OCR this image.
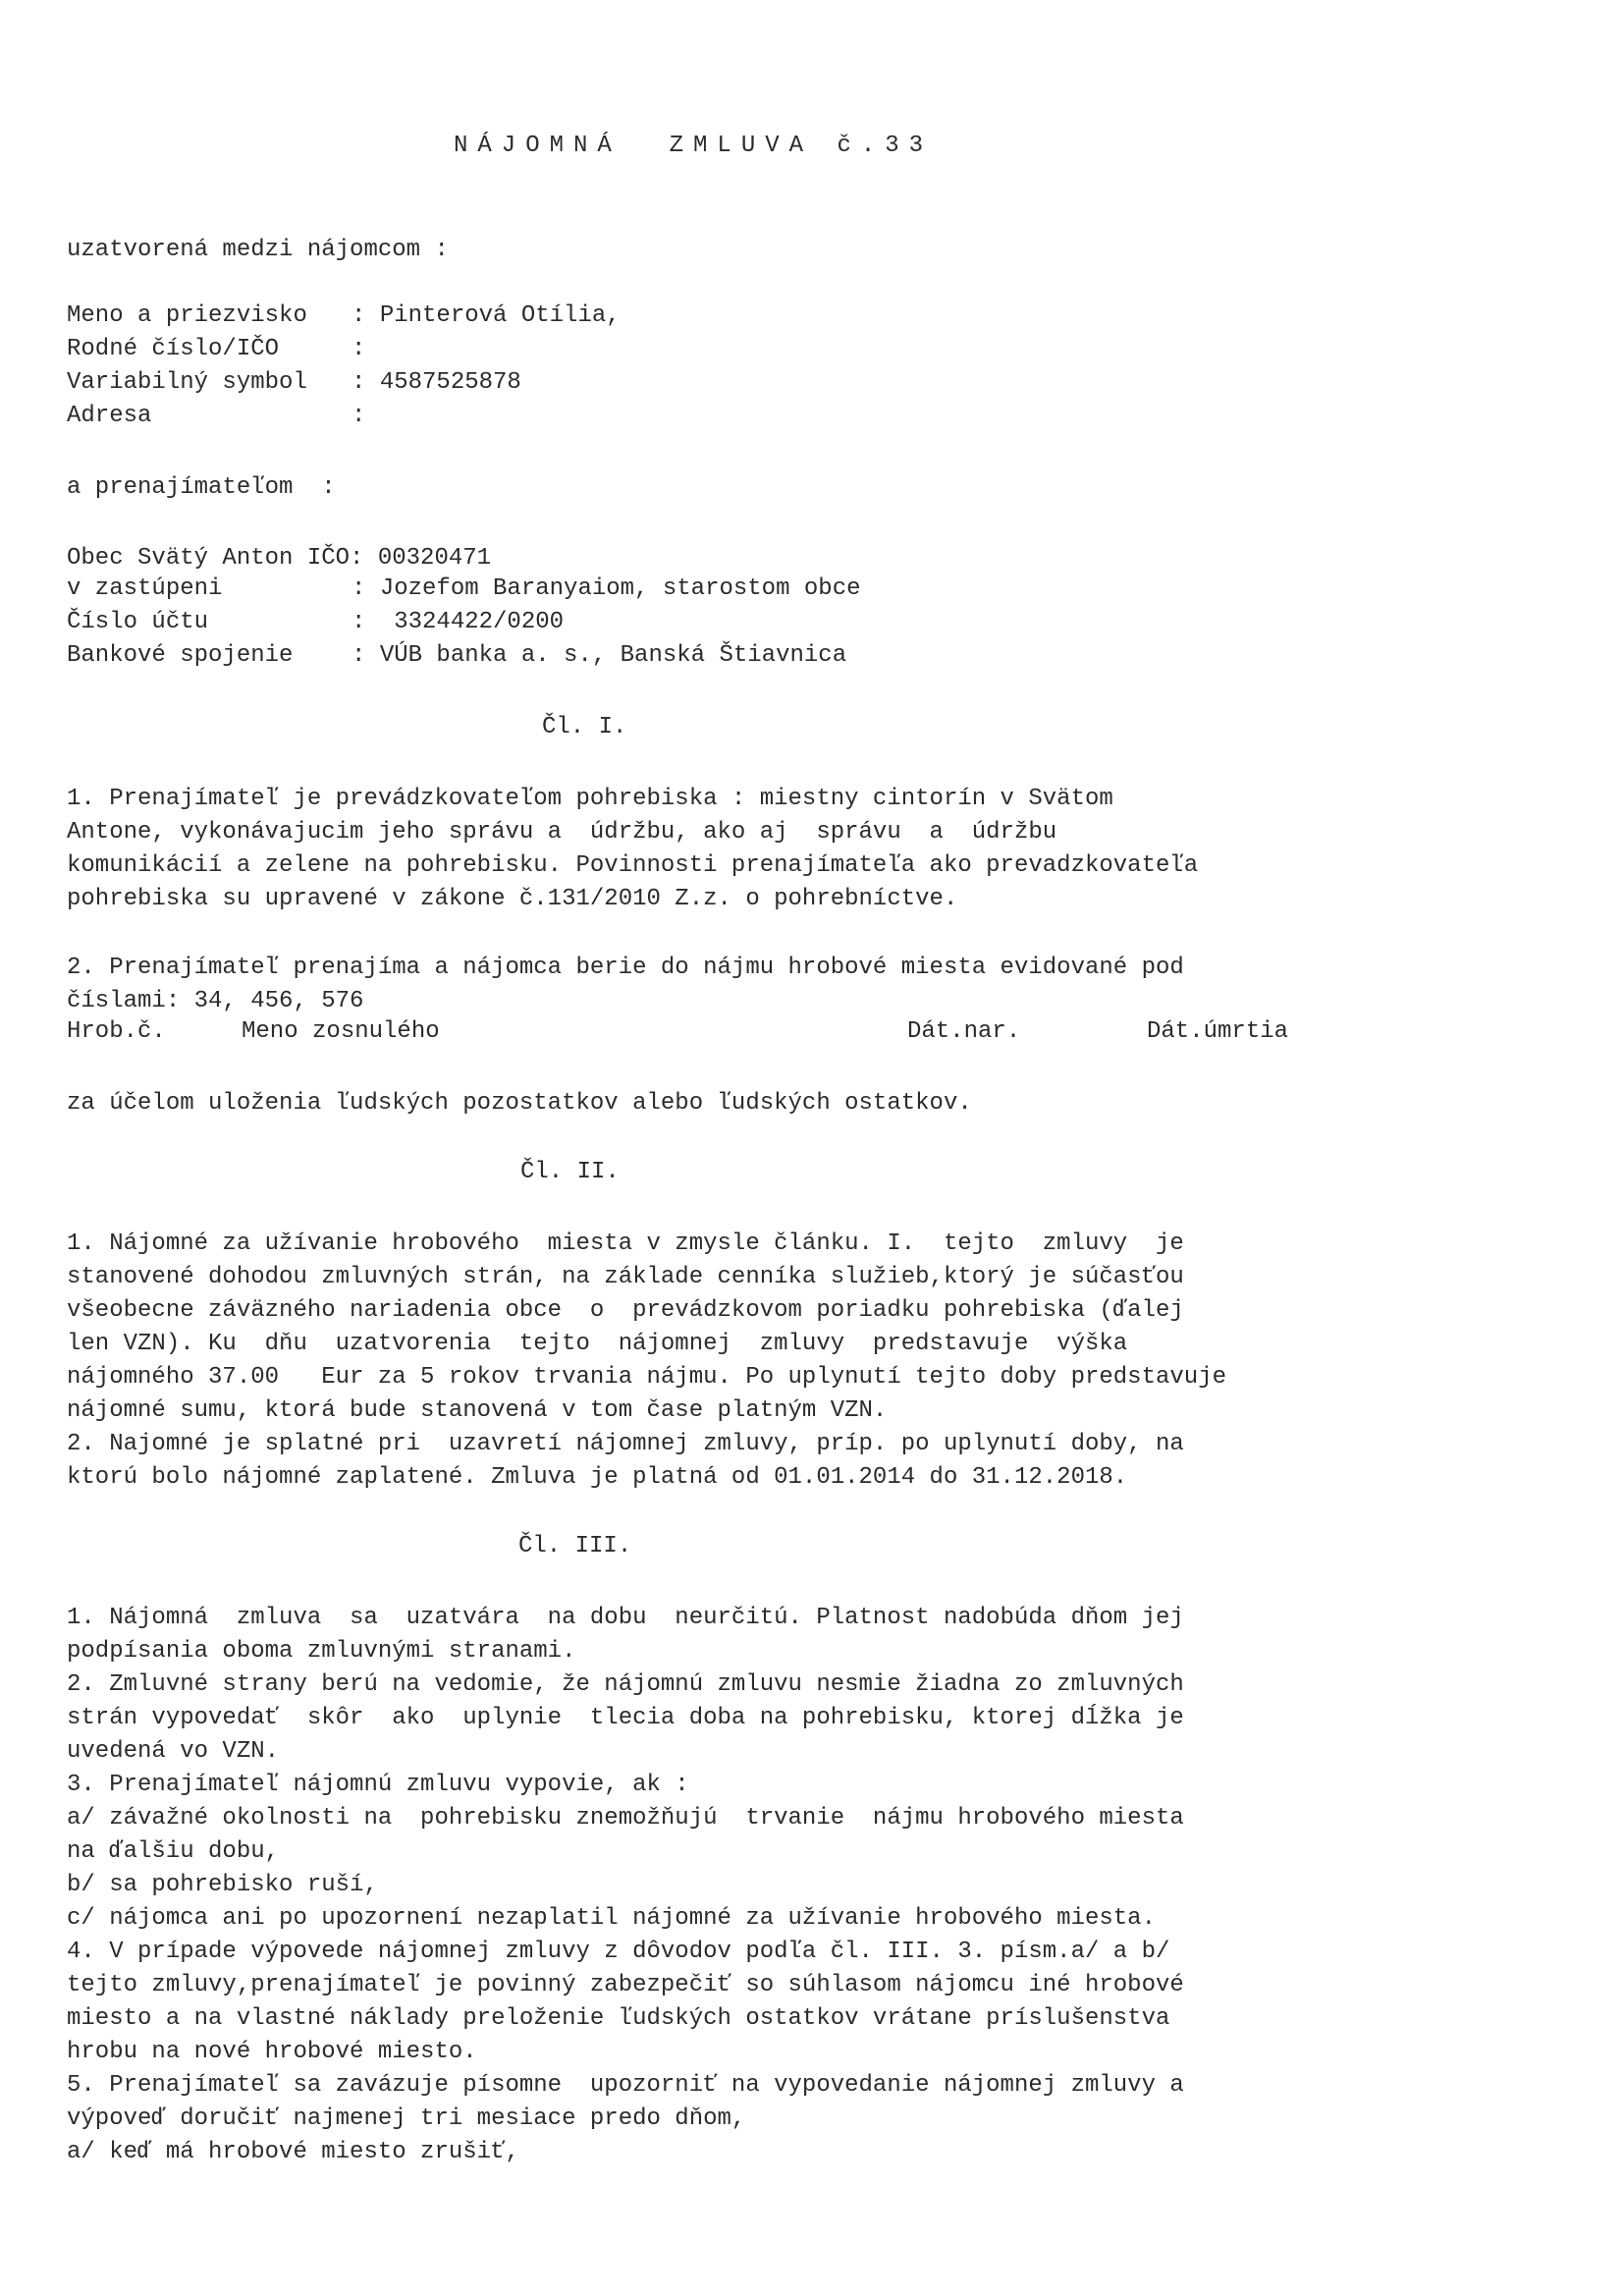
NÁJOMNÁ  ZMLUVA č.33
uzatvorená medzi nájomcom :
Meno a priezvisko : Pinterová Otília,
Rodné číslo/IČO	:
Variabilný symbol : 4587525878
Adresa	:
a prenajímateľom  :
Obec Svätý Anton IČO: 00320471
v zastúpeni	: Jozefom Baranyaiom, starostom obce
Číslo účtu	:  3324422/0200
Bankové spojenie : VÚB banka a. s., Banská Štiavnica
Čl. I.
1. Prenajímateľ je prevádzkovateľom pohrebiska : miestny cintorín v Svätom
Antone, vykonávajucim jeho správu a  údržbu, ako aj  správu  a  údržbu
komunikácií a zelene na pohrebisku. Povinnosti prenajímateľa ako prevadzkovateľa
pohrebiska su upravené v zákone č.131/2010 Z.z. o pohrebníctve.
2. Prenajímateľ prenajíma a nájomca berie do nájmu hrobové miesta evidované pod
číslami: 34, 456, 576
Hrob.č.	Meno zosnulého	Dát.nar.	Dát.úmrtia
za účelom uloženia ľudských pozostatkov alebo ľudských ostatkov.
Čl. II.
1. Nájomné za užívanie hrobového  miesta v zmysle článku. I.  tejto  zmluvy  je
stanovené dohodou zmluvných strán, na základe cenníka služieb,ktorý je súčasťou
všeobecne záväzného nariadenia obce  o  prevádzkovom poriadku pohrebiska (ďalej
len VZN). Ku  dňu  uzatvorenia  tejto  nájomnej  zmluvy  predstavuje  výška
nájomného 37.00   Eur za 5 rokov trvania nájmu. Po uplynutí tejto doby predstavuje
nájomné sumu, ktorá bude stanovená v tom čase platným VZN.
2. Najomné je splatné pri  uzavretí nájomnej zmluvy, príp. po uplynutí doby, na
ktorú bolo nájomné zaplatené. Zmluva je platná od 01.01.2014 do 31.12.2018.
Čl. III.
1. Nájomná  zmluva  sa  uzatvára  na dobu  neurčitú. Platnost nadobúda dňom jej
podpísania oboma zmluvnými stranami.
2. Zmluvné strany berú na vedomie, že nájomnú zmluvu nesmie žiadna zo zmluvných
strán vypovedať  skôr  ako  uplynie  tlecia doba na pohrebisku, ktorej dĺžka je
uvedená vo VZN.
3. Prenajímateľ nájomnú zmluvu vypovie, ak :
a/ závažné okolnosti na  pohrebisku znemožňujú  trvanie  nájmu hrobového miesta
na ďalšiu dobu,
b/ sa pohrebisko ruší,
c/ nájomca ani po upozornení nezaplatil nájomné za užívanie hrobového miesta.
4. V prípade výpovede nájomnej zmluvy z dôvodov podľa čl. III. 3. písm.a/ a b/
tejto zmluvy,prenajímateľ je povinný zabezpečiť so súhlasom nájomcu iné hrobové
miesto a na vlastné náklady preloženie ľudských ostatkov vrátane príslušenstva
hrobu na nové hrobové miesto.
5. Prenajímateľ sa zavázuje písomne  upozorniť na vypovedanie nájomnej zmluvy a
výpoveď doručiť najmenej tri mesiace predo dňom,
a/ keď má hrobové miesto zrušiť,
